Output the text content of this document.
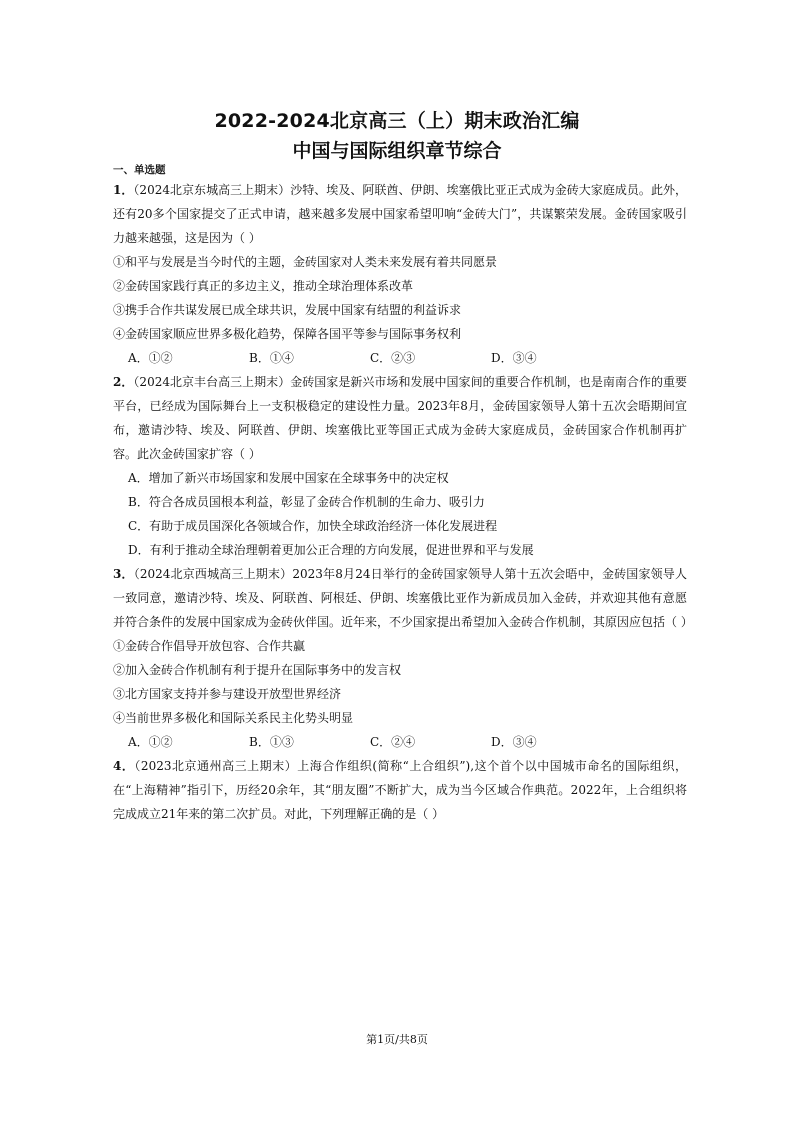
2022-2024北京高三（上）期末政治汇编
中国与国际组织章节综合
一、单选题
1．（2024北京东城高三上期末）沙特、埃及、阿联酋、伊朗、埃塞俄比亚正式成为金砖大家庭成员。此外，还有20多个国家提交了正式申请，越来越多发展中国家希望叩响“金砖大门”，共谋繁荣发展。金砖国家吸引力越来越强，这是因为（ ）
①和平与发展是当今时代的主题，金砖国家对人类未来发展有着共同愿景
②金砖国家践行真正的多边主义，推动全球治理体系改革
③携手合作共谋发展已成全球共识，发展中国家有结盟的利益诉求
④金砖国家顺应世界多极化趋势，保障各国平等参与国际事务权利
A．①②	B．①④	C．②③	D．③④
2．（2024北京丰台高三上期末）金砖国家是新兴市场和发展中国家间的重要合作机制，也是南南合作的重要平台，已经成为国际舞台上一支积极稳定的建设性力量。2023年8月，金砖国家领导人第十五次会晤期间宣布，邀请沙特、埃及、阿联酋、伊朗、埃塞俄比亚等国正式成为金砖大家庭成员，金砖国家合作机制再扩容。此次金砖国家扩容（ ）
A．增加了新兴市场国家和发展中国家在全球事务中的决定权
B．符合各成员国根本利益，彰显了金砖合作机制的生命力、吸引力
C．有助于成员国深化各领域合作，加快全球政治经济一体化发展进程
D．有利于推动全球治理朝着更加公正合理的方向发展，促进世界和平与发展
3．（2024北京西城高三上期末）2023年8月24日举行的金砖国家领导人第十五次会晤中，金砖国家领导人一致同意，邀请沙特、埃及、阿联酋、阿根廷、伊朗、埃塞俄比亚作为新成员加入金砖，并欢迎其他有意愿并符合条件的发展中国家成为金砖伙伴国。近年来，不少国家提出希望加入金砖合作机制，其原因应包括（ ）
①金砖合作倡导开放包容、合作共赢
②加入金砖合作机制有利于提升在国际事务中的发言权
③北方国家支持并参与建设开放型世界经济
④当前世界多极化和国际关系民主化势头明显
A．①②	B．①③	C．②④	D．③④
4．（2023北京通州高三上期末）上海合作组织(简称“上合组织”),这个首个以中国城市命名的国际组织，在“上海精神”指引下，历经20余年，其“朋友圈”不断扩大，成为当今区域合作典范。2022年，上合组织将完成成立21年来的第二次扩员。对此，下列理解正确的是（ ）
第1页/共8页
